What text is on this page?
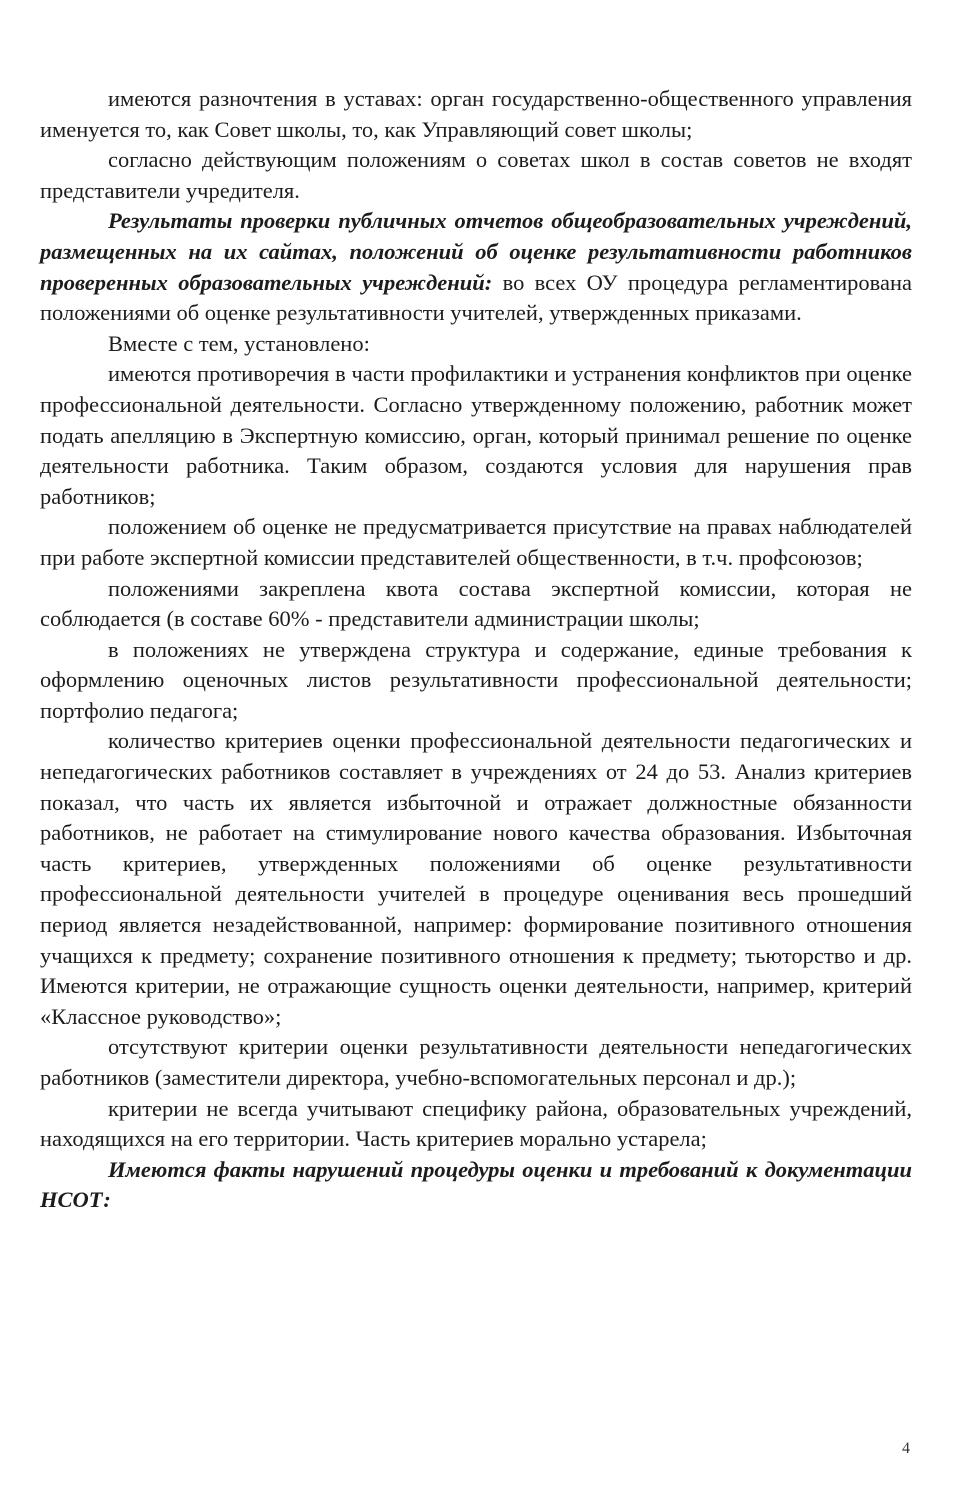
имеются разночтения в уставах: орган государственно-общественного управления именуется то, как Совет школы, то, как Управляющий совет школы;

согласно действующим положениям о советах школ в состав советов не входят представители учредителя.

Результаты проверки публичных отчетов общеобразовательных учреждений, размещенных на их сайтах, положений об оценке результативности работников проверенных образовательных учреждений: во всех ОУ процедура регламентирована положениями об оценке результативности учителей, утвержденных приказами.

Вместе с тем, установлено:

имеются противоречия в части профилактики и устранения конфликтов при оценке профессиональной деятельности. Согласно утвержденному положению, работник может подать апелляцию в Экспертную комиссию, орган, который принимал решение по оценке деятельности работника. Таким образом, создаются условия для нарушения прав работников;

положением об оценке не предусматривается присутствие на правах наблюдателей при работе экспертной комиссии представителей общественности, в т.ч. профсоюзов;

положениями закреплена квота состава экспертной комиссии, которая не соблюдается (в составе 60% - представители администрации школы;

в положениях не утверждена структура и содержание, единые требования к оформлению оценочных листов результативности профессиональной деятельности; портфолио педагога;

количество критериев оценки профессиональной деятельности педагогических и непедагогических работников составляет в учреждениях от 24 до 53. Анализ критериев показал, что часть их является избыточной и отражает должностные обязанности работников, не работает на стимулирование нового качества образования. Избыточная часть критериев, утвержденных положениями об оценке результативности профессиональной деятельности учителей в процедуре оценивания весь прошедший период является незадействованной, например: формирование позитивного отношения учащихся к предмету; сохранение позитивного отношения к предмету; тьюторство и др. Имеются критерии, не отражающие сущность оценки деятельности, например, критерий «Классное руководство»;

отсутствуют критерии оценки результативности деятельности непедагогических работников (заместители директора, учебно-вспомогательных персонал и др.);

критерии не всегда учитывают специфику района, образовательных учреждений, находящихся на его территории. Часть критериев морально устарела;

Имеются факты нарушений процедуры оценки и требований к документации НСОТ:

4
